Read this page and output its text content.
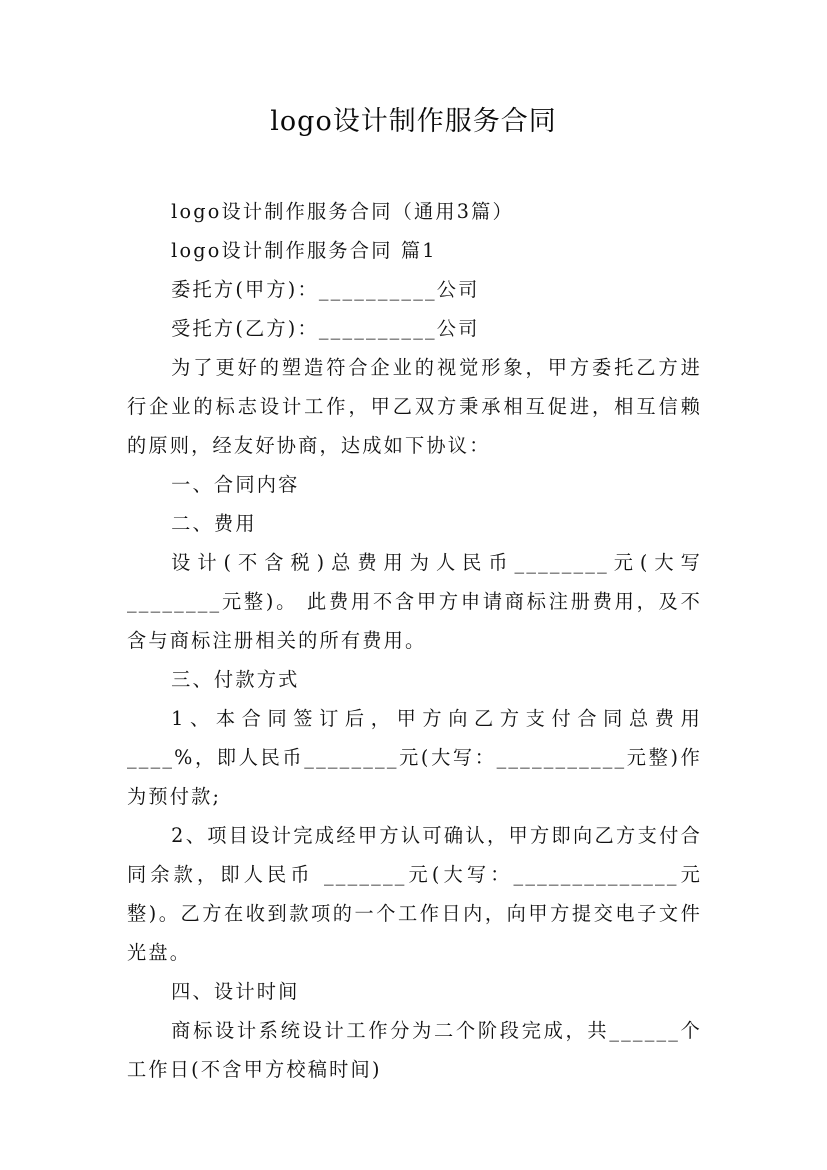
logo设计制作服务合同

logo设计制作服务合同（通用3篇）

logo设计制作服务合同 篇1

委托方(甲方)：__________公司

受托方(乙方)：__________公司

为了更好的塑造符合企业的视觉形象，甲方委托乙方进行企业的标志设计工作，甲乙双方秉承相互促进，相互信赖的原则，经友好协商，达成如下协议：

一、合同内容

二、费用

设计(不含税)总费用为人民币________元(大写________元整)。 此费用不含甲方申请商标注册费用，及不含与商标注册相关的所有费用。

三、付款方式

1、本合同签订后，甲方向乙方支付合同总费用____%，即人民币________元(大写：___________元整)作为预付款;

2、项目设计完成经甲方认可确认，甲方即向乙方支付合同余款，即人民币 _______元(大写：______________元整)。乙方在收到款项的一个工作日内，向甲方提交电子文件光盘。

四、设计时间

商标设计系统设计工作分为二个阶段完成，共______个工作日(不含甲方校稿时间)
